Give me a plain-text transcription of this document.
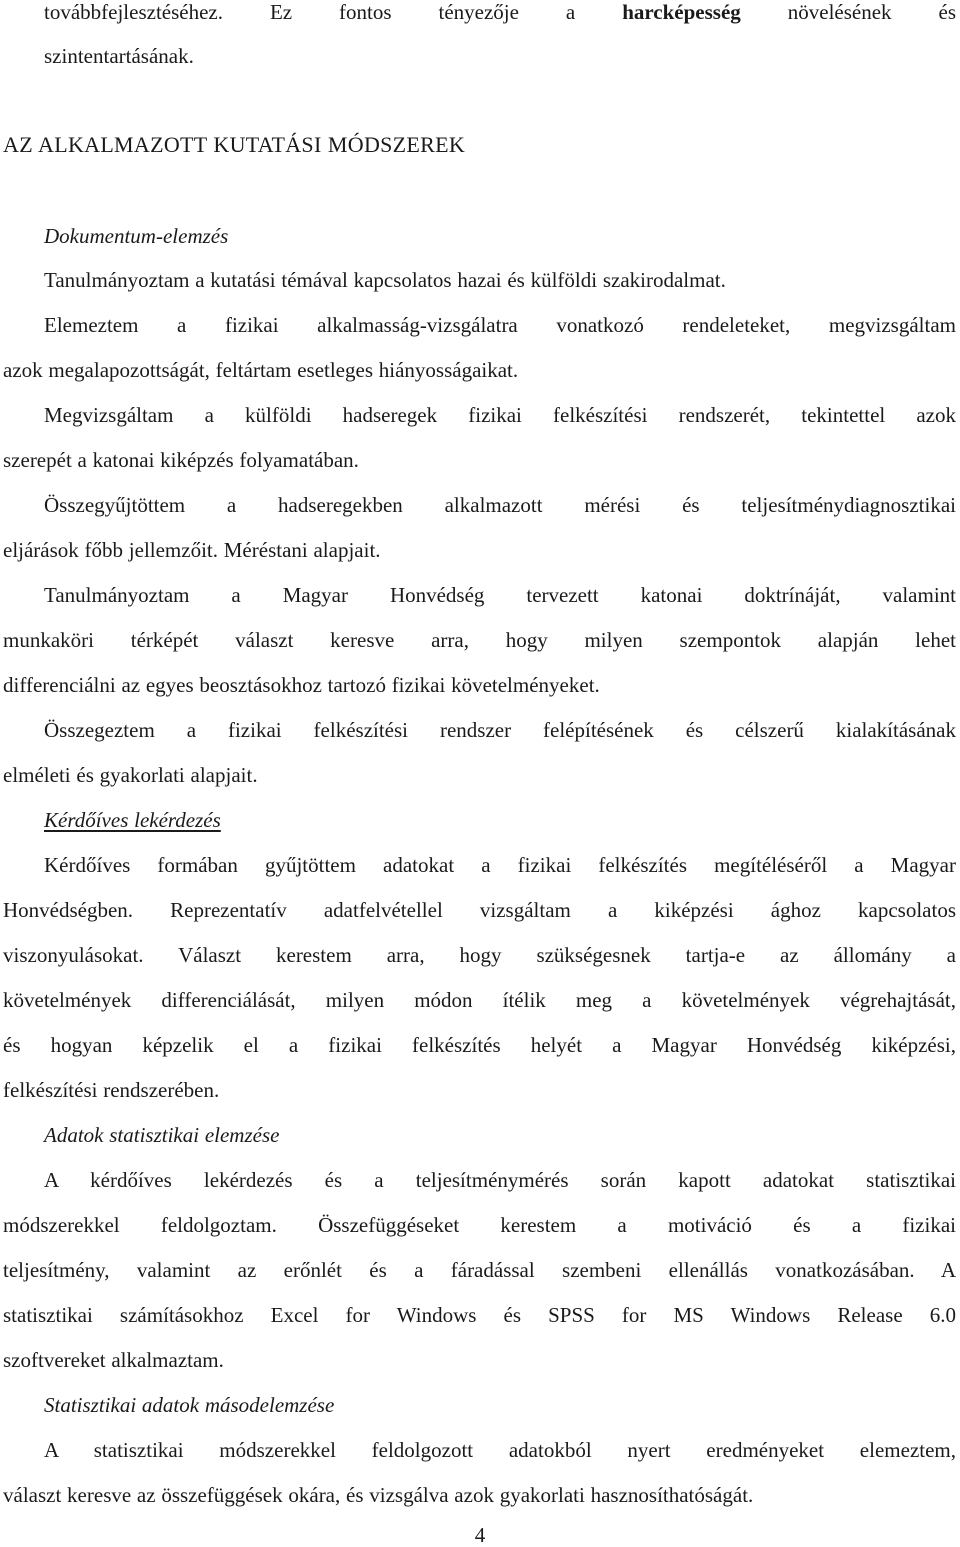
továbbfejlesztéséhez. Ez fontos tényezője a harcképesség növelésének és
szintentartásának.
AZ ALKALMAZOTT KUTATÁSI MÓDSZEREK
Dokumentum-elemzés
Tanulmányoztam a kutatási témával kapcsolatos hazai és külföldi szakirodalmat.
Elemeztem a fizikai alkalmasság-vizsgálatra vonatkozó rendeleteket, megvizsgáltam
azok megalapozottságát, feltártam esetleges hiányosságaikat.
Megvizsgáltam a külföldi hadseregek fizikai felkészítési rendszerét, tekintettel azok
szerepét a katonai kiképzés folyamatában.
Összegyűjtöttem a hadseregekben alkalmazott mérési és teljesítménydiagnosztikai
eljárások főbb jellemzőit. Méréstani alapjait.
Tanulmányoztam a Magyar Honvédség tervezett katonai doktrínáját, valamint
munkaköri térképét választ keresve arra, hogy milyen szempontok alapján lehet
differenciálni az egyes beosztásokhoz tartozó fizikai követelményeket.
Összegeztem a fizikai felkészítési rendszer felépítésének és célszerű kialakításának
elméleti és gyakorlati alapjait.
Kérdőíves lekérdezés
Kérdőíves formában gyűjtöttem adatokat a fizikai felkészítés megítéléséről a Magyar
Honvédségben. Reprezentatív adatfelvétellel vizsgáltam a kiképzési ághoz kapcsolatos
viszonyulásokat. Választ kerestem arra, hogy szükségesnek tartja-e az állomány a
követelmények differenciálását, milyen módon ítélik meg a követelmények végrehajtását,
és hogyan képzelik el a fizikai felkészítés helyét a Magyar Honvédség kiképzési,
felkészítési rendszerében.
Adatok statisztikai elemzése
A kérdőíves lekérdezés és a teljesítménymérés során kapott adatokat statisztikai
módszerekkel feldolgoztam. Összefüggéseket kerestem a motiváció és a fizikai
teljesítmény, valamint az erőnlét és a fáradással szembeni ellenállás vonatkozásában. A
statisztikai számításokhoz Excel for Windows és SPSS for MS Windows Release 6.0
szoftvereket alkalmaztam.
Statisztikai adatok másodelemzése
A statisztikai módszerekkel feldolgozott adatokból nyert eredményeket elemeztem,
választ keresve az összefüggések okára, és vizsgálva azok gyakorlati hasznosíthatóságát.
4
